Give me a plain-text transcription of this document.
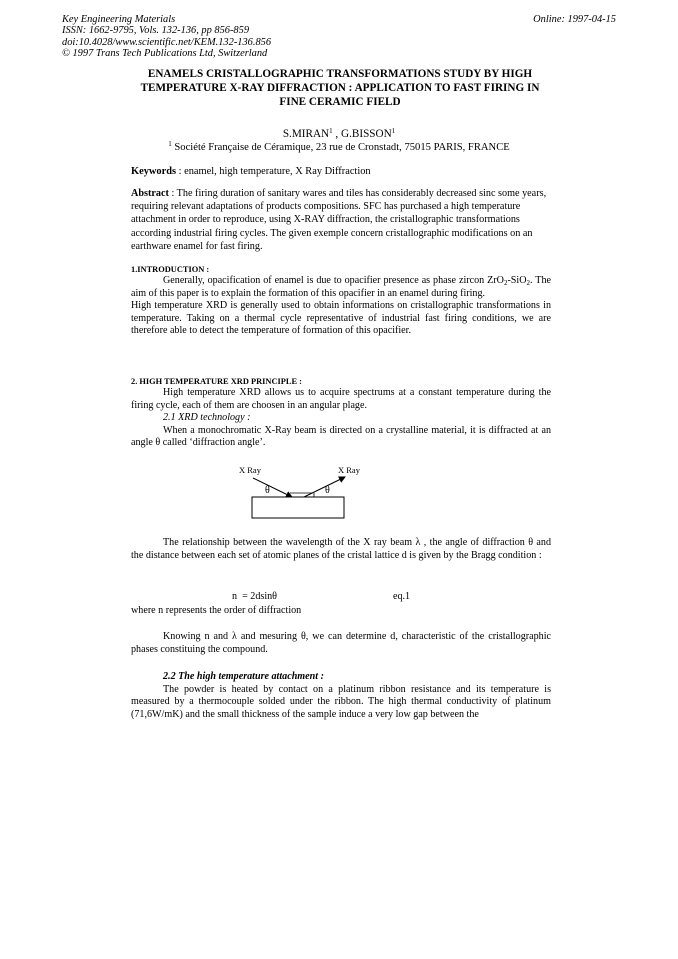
Key Engineering Materials
ISSN: 1662-9795, Vols. 132-136, pp 856-859
doi:10.4028/www.scientific.net/KEM.132-136.856
© 1997 Trans Tech Publications Ltd, Switzerland
Online: 1997-04-15
ENAMELS CRISTALLOGRAPHIC TRANSFORMATIONS STUDY BY HIGH
TEMPERATURE X-RAY DIFFRACTION : APPLICATION TO FAST FIRING IN
FINE CERAMIC FIELD
S.MIRAN$^1$ , G.BISSON$^1$
$^1$ Société Française de Céramique, 23 rue de Cronstadt, 75015 PARIS, FRANCE
Keywords : enamel, high temperature, X Ray Diffraction
Abstract : The firing duration of sanitary wares and tiles has considerably decreased sinc some years, requiring relevant adaptations of products compositions. SFC has purchased a high temperature attachment in order to reproduce, using X-RAY diffraction, the cristallographic transformations according industrial firing cycles. The given exemple concern cristallographic modifications on an earthware enamel for fast firing.
1.INTRODUCTION :
Generally, opacification of enamel is due to opacifier presence as phase zircon ZrO$_2$-SiO$_2$. The aim of this paper is to explain the formation of this opacifier in an enamel during firing.
High temperature XRD is generally used to obtain informations on cristallographic transformations in temperature. Taking on a thermal cycle representative of industrial fast firing conditions, we are therefore able to detect the temperature of formation of this opacifier.
2. HIGH TEMPERATURE XRD PRINCIPLE :
High temperature XRD allows us to acquire spectrums at a constant temperature during the firing cycle, each of them are choosen in an angular plage.
2.1 XRD technology :
When a monochromatic X-Ray beam is directed on a crystalline material, it is diffracted at an angle θ called ‘diffraction angle’.
X Ray	X Ray
θ	θ
The relationship between the wavelength of the X ray beam λ , the angle of diffraction θ and the distance between each set of atomic planes of the cristal lattice d is given by the Bragg condition :
n  = 2dsinθ	eq.1
where n represents the order of diffraction
Knowing n and λ and mesuring θ, we can determine d, characteristic of the cristallographic phases constituing the compound.
2.2 The high temperature attachment :
The powder is heated by contact on a platinum ribbon resistance and its temperature is measured by a thermocouple solded under the ribbon. The high thermal conductivity of platinum (71,6W/mK) and the small thickness of the sample induce a very low gap between the
